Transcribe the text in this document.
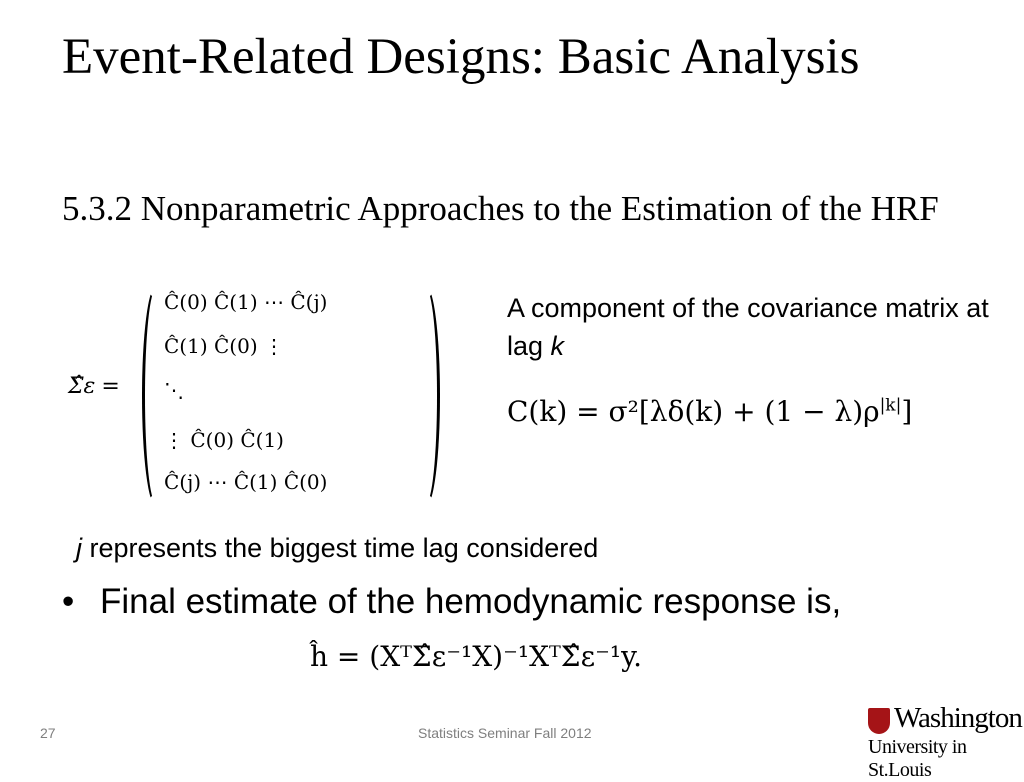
Event-Related Designs: Basic Analysis
5.3.2 Nonparametric Approaches to the Estimation of the HRF
Σ̂ε =
Ĉ(0) Ĉ(1) ⋯ Ĉ(j)
Ĉ(1) Ĉ(0) ⋮
⋱
⋮ Ĉ(0) Ĉ(1)
Ĉ(j) ⋯ Ĉ(1) Ĉ(0)
A component of the covariance matrix at lag k
$C(k) = \sigma^2[\lambda\delta(k) + (1 - \lambda)\rho^{|k|}]$
j represents the biggest time lag considered
• Final estimate of the hemodynamic response is,
ĥ = (XᵀΣ̂ε⁻¹X)⁻¹XᵀΣ̂ε⁻¹y.
27	Statistics Seminar Fall 2012	Washington
University in St.Louis
